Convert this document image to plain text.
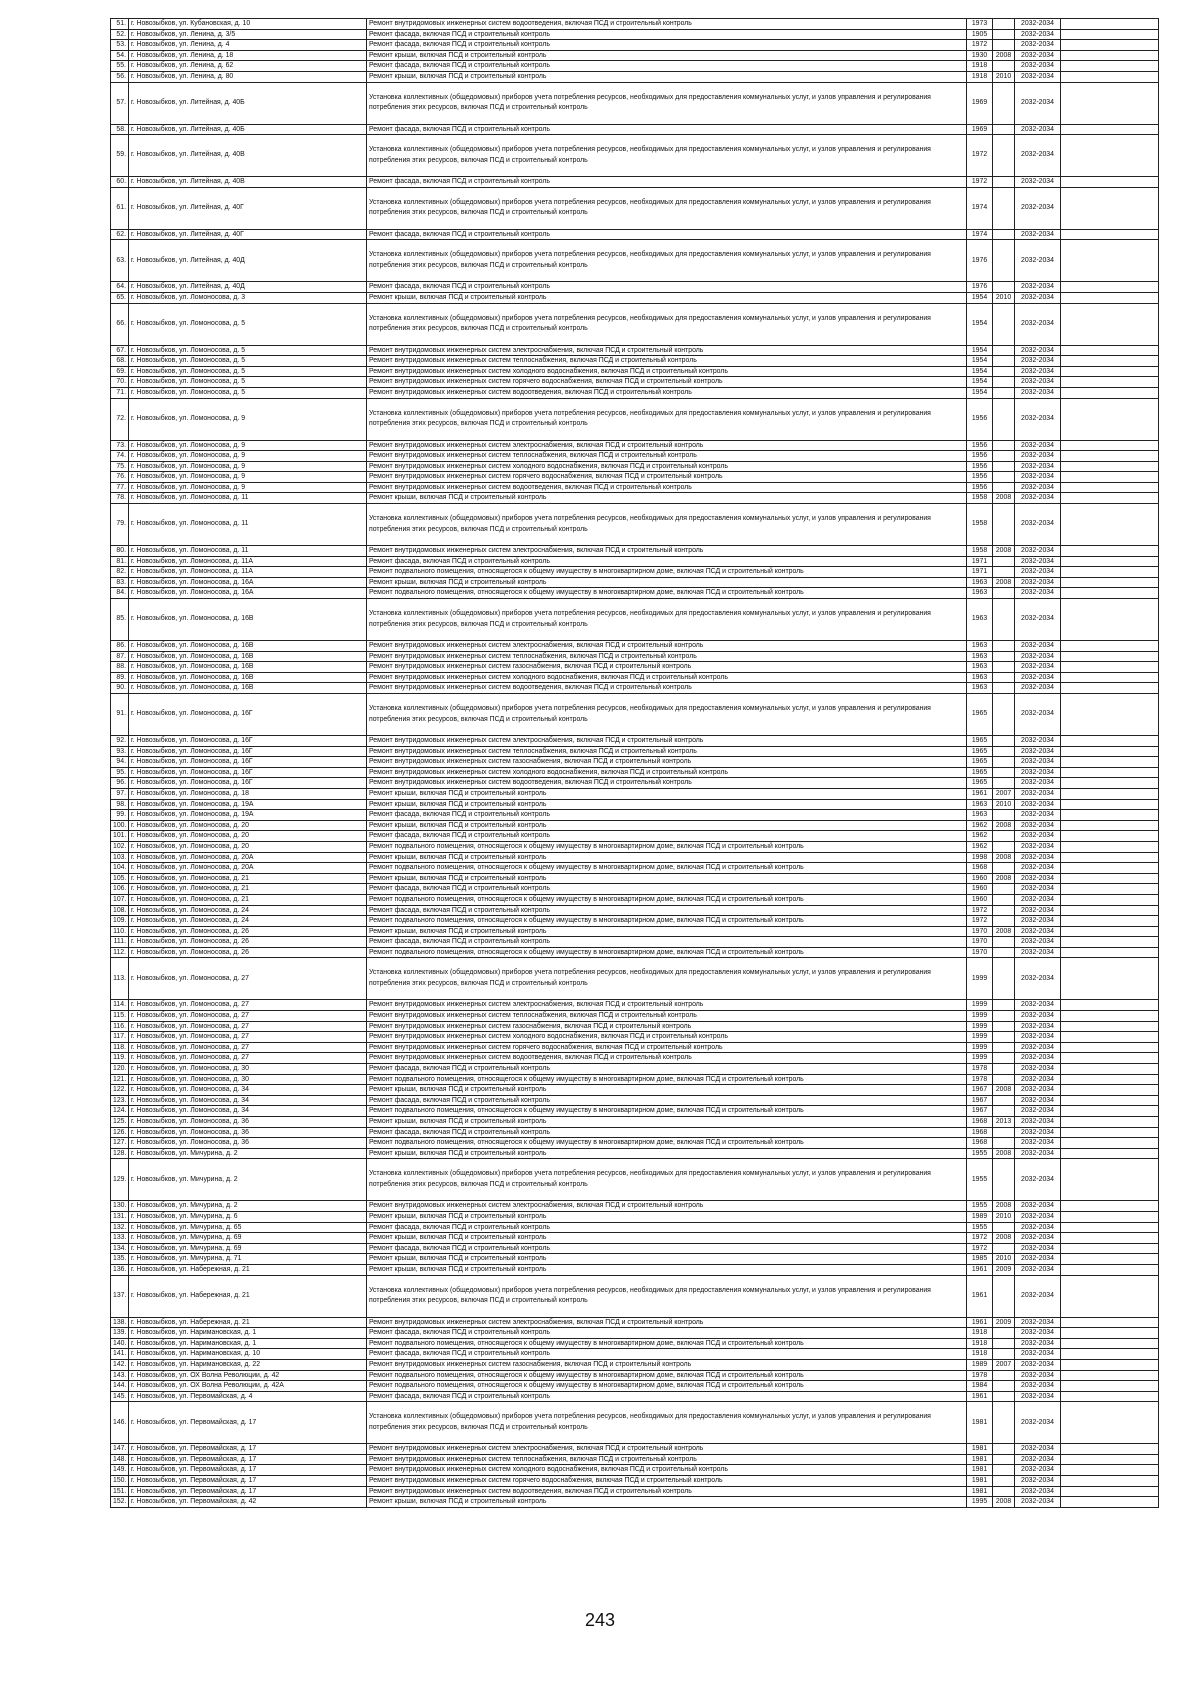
51.	г. Новозыбков, ул. Кубановская, д. 10	Ремонт внутридомовых инженерных систем водоотведения, включая ПСД и строительный контроль	1973		2032-2034	
52.	г. Новозыбков, ул. Ленина, д. 3/5	Ремонт фасада, включая ПСД и строительный контроль	1905		2032-2034	
53.	г. Новозыбков, ул. Ленина, д. 4	Ремонт фасада, включая ПСД и строительный контроль	1972		2032-2034	
54.	г. Новозыбков, ул. Ленина, д. 18	Ремонт крыши, включая ПСД и строительный контроль	1930	2008	2032-2034	
55.	г. Новозыбков, ул. Ленина, д. 62	Ремонт фасада, включая ПСД и строительный контроль	1918		2032-2034	
56.	г. Новозыбков, ул. Ленина, д. 80	Ремонт крыши, включая ПСД и строительный контроль	1918	2010	2032-2034	
57.	г. Новозыбков, ул. Литейная, д. 40Б	Установка коллективных (общедомовых) приборов учета потребления ресурсов, необходимых для предоставления коммунальных услуг, и узлов управления и регулирования потребления этих ресурсов, включая ПСД и строительный контроль	1969		2032-2034	
58.	г. Новозыбков, ул. Литейная, д. 40Б	Ремонт фасада, включая ПСД и строительный контроль	1969		2032-2034	
59.	г. Новозыбков, ул. Литейная, д. 40В	Установка коллективных (общедомовых) приборов учета потребления ресурсов, необходимых для предоставления коммунальных услуг, и узлов управления и регулирования потребления этих ресурсов, включая ПСД и строительный контроль	1972		2032-2034	
60.	г. Новозыбков, ул. Литейная, д. 40В	Ремонт фасада, включая ПСД и строительный контроль	1972		2032-2034	
61.	г. Новозыбков, ул. Литейная, д. 40Г	Установка коллективных (общедомовых) приборов учета потребления ресурсов, необходимых для предоставления коммунальных услуг, и узлов управления и регулирования потребления этих ресурсов, включая ПСД и строительный контроль	1974		2032-2034	
62.	г. Новозыбков, ул. Литейная, д. 40Г	Ремонт фасада, включая ПСД и строительный контроль	1974		2032-2034	
63.	г. Новозыбков, ул. Литейная, д. 40Д	Установка коллективных (общедомовых) приборов учета потребления ресурсов, необходимых для предоставления коммунальных услуг, и узлов управления и регулирования потребления этих ресурсов, включая ПСД и строительный контроль	1976		2032-2034	
64.	г. Новозыбков, ул. Литейная, д. 40Д	Ремонт фасада, включая ПСД и строительный контроль	1976		2032-2034	
65.	г. Новозыбков, ул. Ломоносова, д. 3	Ремонт крыши, включая ПСД и строительный контроль	1954	2010	2032-2034	
66.	г. Новозыбков, ул. Ломоносова, д. 5	Установка коллективных (общедомовых) приборов учета потребления ресурсов, необходимых для предоставления коммунальных услуг, и узлов управления и регулирования потребления этих ресурсов, включая ПСД и строительный контроль	1954		2032-2034	
67.	г. Новозыбков, ул. Ломоносова, д. 5	Ремонт внутридомовых инженерных систем электроснабжения, включая ПСД и строительный контроль	1954		2032-2034	
68.	г. Новозыбков, ул. Ломоносова, д. 5	Ремонт внутридомовых инженерных систем теплоснабжения, включая ПСД и строительный контроль	1954		2032-2034	
69.	г. Новозыбков, ул. Ломоносова, д. 5	Ремонт внутридомовых инженерных систем холодного водоснабжения, включая ПСД и строительный контроль	1954		2032-2034	
70.	г. Новозыбков, ул. Ломоносова, д. 5	Ремонт внутридомовых инженерных систем горячего водоснабжения, включая ПСД и строительный контроль	1954		2032-2034	
71.	г. Новозыбков, ул. Ломоносова, д. 5	Ремонт внутридомовых инженерных систем водоотведения, включая ПСД и строительный контроль	1954		2032-2034	
72.	г. Новозыбков, ул. Ломоносова, д. 9	Установка коллективных (общедомовых) приборов учета потребления ресурсов, необходимых для предоставления коммунальных услуг, и узлов управления и регулирования потребления этих ресурсов, включая ПСД и строительный контроль	1956		2032-2034	
73.	г. Новозыбков, ул. Ломоносова, д. 9	Ремонт внутридомовых инженерных систем электроснабжения, включая ПСД и строительный контроль	1956		2032-2034	
74.	г. Новозыбков, ул. Ломоносова, д. 9	Ремонт внутридомовых инженерных систем теплоснабжения, включая ПСД и строительный контроль	1956		2032-2034	
75.	г. Новозыбков, ул. Ломоносова, д. 9	Ремонт внутридомовых инженерных систем холодного водоснабжения, включая ПСД и строительный контроль	1956		2032-2034	
76.	г. Новозыбков, ул. Ломоносова, д. 9	Ремонт внутридомовых инженерных систем горячего водоснабжения, включая ПСД и строительный контроль	1956		2032-2034	
77.	г. Новозыбков, ул. Ломоносова, д. 9	Ремонт внутридомовых инженерных систем водоотведения, включая ПСД и строительный контроль	1956		2032-2034	
78.	г. Новозыбков, ул. Ломоносова, д. 11	Ремонт крыши, включая ПСД и строительный контроль	1958	2008	2032-2034	
79.	г. Новозыбков, ул. Ломоносова, д. 11	Установка коллективных (общедомовых) приборов учета потребления ресурсов, необходимых для предоставления коммунальных услуг, и узлов управления и регулирования потребления этих ресурсов, включая ПСД и строительный контроль	1958		2032-2034	
80.	г. Новозыбков, ул. Ломоносова, д. 11	Ремонт внутридомовых инженерных систем электроснабжения, включая ПСД и строительный контроль	1958	2008	2032-2034	
81.	г. Новозыбков, ул. Ломоносова, д. 11А	Ремонт фасада, включая ПСД и строительный контроль	1971		2032-2034	
82.	г. Новозыбков, ул. Ломоносова, д. 11А	Ремонт подвального помещения, относящегося к общему имуществу в многоквартирном доме, включая ПСД и строительный контроль	1971		2032-2034	
83.	г. Новозыбков, ул. Ломоносова, д. 16А	Ремонт крыши, включая ПСД и строительный контроль	1963	2008	2032-2034	
84.	г. Новозыбков, ул. Ломоносова, д. 16А	Ремонт подвального помещения, относящегося к общему имуществу в многоквартирном доме, включая ПСД и строительный контроль	1963		2032-2034	
85.	г. Новозыбков, ул. Ломоносова, д. 16В	Установка коллективных (общедомовых) приборов учета потребления ресурсов, необходимых для предоставления коммунальных услуг, и узлов управления и регулирования потребления этих ресурсов, включая ПСД и строительный контроль	1963		2032-2034	
86.	г. Новозыбков, ул. Ломоносова, д. 16В	Ремонт внутридомовых инженерных систем электроснабжения, включая ПСД и строительный контроль	1963		2032-2034	
87.	г. Новозыбков, ул. Ломоносова, д. 16В	Ремонт внутридомовых инженерных систем теплоснабжения, включая ПСД и строительный контроль	1963		2032-2034	
88.	г. Новозыбков, ул. Ломоносова, д. 16В	Ремонт внутридомовых инженерных систем газоснабжения, включая ПСД и строительный контроль	1963		2032-2034	
89.	г. Новозыбков, ул. Ломоносова, д. 16В	Ремонт внутридомовых инженерных систем холодного водоснабжения, включая ПСД и строительный контроль	1963		2032-2034	
90.	г. Новозыбков, ул. Ломоносова, д. 16В	Ремонт внутридомовых инженерных систем водоотведения, включая ПСД и строительный контроль	1963		2032-2034	
91.	г. Новозыбков, ул. Ломоносова, д. 16Г	Установка коллективных (общедомовых) приборов учета потребления ресурсов, необходимых для предоставления коммунальных услуг, и узлов управления и регулирования потребления этих ресурсов, включая ПСД и строительный контроль	1965		2032-2034	
92.	г. Новозыбков, ул. Ломоносова, д. 16Г	Ремонт внутридомовых инженерных систем электроснабжения, включая ПСД и строительный контроль	1965		2032-2034	
93.	г. Новозыбков, ул. Ломоносова, д. 16Г	Ремонт внутридомовых инженерных систем теплоснабжения, включая ПСД и строительный контроль	1965		2032-2034	
94.	г. Новозыбков, ул. Ломоносова, д. 16Г	Ремонт внутридомовых инженерных систем газоснабжения, включая ПСД и строительный контроль	1965		2032-2034	
95.	г. Новозыбков, ул. Ломоносова, д. 16Г	Ремонт внутридомовых инженерных систем холодного водоснабжения, включая ПСД и строительный контроль	1965		2032-2034	
96.	г. Новозыбков, ул. Ломоносова, д. 16Г	Ремонт внутридомовых инженерных систем водоотведения, включая ПСД и строительный контроль	1965		2032-2034	
97.	г. Новозыбков, ул. Ломоносова, д. 18	Ремонт крыши, включая ПСД и строительный контроль	1961	2007	2032-2034	
98.	г. Новозыбков, ул. Ломоносова, д. 19А	Ремонт крыши, включая ПСД и строительный контроль	1963	2010	2032-2034	
99.	г. Новозыбков, ул. Ломоносова, д. 19А	Ремонт фасада, включая ПСД и строительный контроль	1963		2032-2034	
100.	г. Новозыбков, ул. Ломоносова, д. 20	Ремонт крыши, включая ПСД и строительный контроль	1962	2008	2032-2034	
101.	г. Новозыбков, ул. Ломоносова, д. 20	Ремонт фасада, включая ПСД и строительный контроль	1962		2032-2034	
102.	г. Новозыбков, ул. Ломоносова, д. 20	Ремонт подвального помещения, относящегося к общему имуществу в многоквартирном доме, включая ПСД и строительный контроль	1962		2032-2034	
103.	г. Новозыбков, ул. Ломоносова, д. 20А	Ремонт крыши, включая ПСД и строительный контроль	1998	2008	2032-2034	
104.	г. Новозыбков, ул. Ломоносова, д. 20А	Ремонт подвального помещения, относящегося к общему имуществу в многоквартирном доме, включая ПСД и строительный контроль	1968		2032-2034	
105.	г. Новозыбков, ул. Ломоносова, д. 21	Ремонт крыши, включая ПСД и строительный контроль	1960	2008	2032-2034	
106.	г. Новозыбков, ул. Ломоносова, д. 21	Ремонт фасада, включая ПСД и строительный контроль	1960		2032-2034	
107.	г. Новозыбков, ул. Ломоносова, д. 21	Ремонт подвального помещения, относящегося к общему имуществу в многоквартирном доме, включая ПСД и строительный контроль	1960		2032-2034	
108.	г. Новозыбков, ул. Ломоносова, д. 24	Ремонт фасада, включая ПСД и строительный контроль	1972		2032-2034	
109.	г. Новозыбков, ул. Ломоносова, д. 24	Ремонт подвального помещения, относящегося к общему имуществу в многоквартирном доме, включая ПСД и строительный контроль	1972		2032-2034	
110.	г. Новозыбков, ул. Ломоносова, д. 26	Ремонт крыши, включая ПСД и строительный контроль	1970	2008	2032-2034	
111.	г. Новозыбков, ул. Ломоносова, д. 26	Ремонт фасада, включая ПСД и строительный контроль	1970		2032-2034	
112.	г. Новозыбков, ул. Ломоносова, д. 26	Ремонт подвального помещения, относящегося к общему имуществу в многоквартирном доме, включая ПСД и строительный контроль	1970		2032-2034	
113.	г. Новозыбков, ул. Ломоносова, д. 27	Установка коллективных (общедомовых) приборов учета потребления ресурсов, необходимых для предоставления коммунальных услуг, и узлов управления и регулирования потребления этих ресурсов, включая ПСД и строительный контроль	1999		2032-2034	
114.	г. Новозыбков, ул. Ломоносова, д. 27	Ремонт внутридомовых инженерных систем электроснабжения, включая ПСД и строительный контроль	1999		2032-2034	
115.	г. Новозыбков, ул. Ломоносова, д. 27	Ремонт внутридомовых инженерных систем теплоснабжения, включая ПСД и строительный контроль	1999		2032-2034	
116.	г. Новозыбков, ул. Ломоносова, д. 27	Ремонт внутридомовых инженерных систем газоснабжения, включая ПСД и строительный контроль	1999		2032-2034	
117.	г. Новозыбков, ул. Ломоносова, д. 27	Ремонт внутридомовых инженерных систем холодного водоснабжения, включая ПСД и строительный контроль	1999		2032-2034	
118.	г. Новозыбков, ул. Ломоносова, д. 27	Ремонт внутридомовых инженерных систем горячего водоснабжения, включая ПСД и строительный контроль	1999		2032-2034	
119.	г. Новозыбков, ул. Ломоносова, д. 27	Ремонт внутридомовых инженерных систем водоотведения, включая ПСД и строительный контроль	1999		2032-2034	
120.	г. Новозыбков, ул. Ломоносова, д. 30	Ремонт фасада, включая ПСД и строительный контроль	1978		2032-2034	
121.	г. Новозыбков, ул. Ломоносова, д. 30	Ремонт подвального помещения, относящегося к общему имуществу в многоквартирном доме, включая ПСД и строительный контроль	1978		2032-2034	
122.	г. Новозыбков, ул. Ломоносова, д. 34	Ремонт крыши, включая ПСД и строительный контроль	1967	2008	2032-2034	
123.	г. Новозыбков, ул. Ломоносова, д. 34	Ремонт фасада, включая ПСД и строительный контроль	1967		2032-2034	
124.	г. Новозыбков, ул. Ломоносова, д. 34	Ремонт подвального помещения, относящегося к общему имуществу в многоквартирном доме, включая ПСД и строительный контроль	1967		2032-2034	
125.	г. Новозыбков, ул. Ломоносова, д. 36	Ремонт крыши, включая ПСД и строительный контроль	1968	2013	2032-2034	
126.	г. Новозыбков, ул. Ломоносова, д. 36	Ремонт фасада, включая ПСД и строительный контроль	1968		2032-2034	
127.	г. Новозыбков, ул. Ломоносова, д. 36	Ремонт подвального помещения, относящегося к общему имуществу в многоквартирном доме, включая ПСД и строительный контроль	1968		2032-2034	
128.	г. Новозыбков, ул. Мичурина, д. 2	Ремонт крыши, включая ПСД и строительный контроль	1955	2008	2032-2034	
129.	г. Новозыбков, ул. Мичурина, д. 2	Установка коллективных (общедомовых) приборов учета потребления ресурсов, необходимых для предоставления коммунальных услуг, и узлов управления и регулирования потребления этих ресурсов, включая ПСД и строительный контроль	1955		2032-2034	
130.	г. Новозыбков, ул. Мичурина, д. 2	Ремонт внутридомовых инженерных систем электроснабжения, включая ПСД и строительный контроль	1955	2008	2032-2034	
131.	г. Новозыбков, ул. Мичурина, д. 6	Ремонт крыши, включая ПСД и строительный контроль	1989	2010	2032-2034	
132.	г. Новозыбков, ул. Мичурина, д. 65	Ремонт фасада, включая ПСД и строительный контроль	1955		2032-2034	
133.	г. Новозыбков, ул. Мичурина, д. 69	Ремонт крыши, включая ПСД и строительный контроль	1972	2008	2032-2034	
134.	г. Новозыбков, ул. Мичурина, д. 69	Ремонт фасада, включая ПСД и строительный контроль	1972		2032-2034	
135.	г. Новозыбков, ул. Мичурина, д. 71	Ремонт крыши, включая ПСД и строительный контроль	1985	2010	2032-2034	
136.	г. Новозыбков, ул. Набережная, д. 21	Ремонт крыши, включая ПСД и строительный контроль	1961	2009	2032-2034	
137.	г. Новозыбков, ул. Набережная, д. 21	Установка коллективных (общедомовых) приборов учета потребления ресурсов, необходимых для предоставления коммунальных услуг, и узлов управления и регулирования потребления этих ресурсов, включая ПСД и строительный контроль	1961		2032-2034	
138.	г. Новозыбков, ул. Набережная, д. 21	Ремонт внутридомовых инженерных систем электроснабжения, включая ПСД и строительный контроль	1961	2009	2032-2034	
139.	г. Новозыбков, ул. Наримановская, д. 1	Ремонт фасада, включая ПСД и строительный контроль	1918		2032-2034	
140.	г. Новозыбков, ул. Наримановская, д. 1	Ремонт подвального помещения, относящегося к общему имуществу в многоквартирном доме, включая ПСД и строительный контроль	1918		2032-2034	
141.	г. Новозыбков, ул. Наримановская, д. 10	Ремонт фасада, включая ПСД и строительный контроль	1918		2032-2034	
142.	г. Новозыбков, ул. Наримановская, д. 22	Ремонт внутридомовых инженерных систем газоснабжения, включая ПСД и строительный контроль	1989	2007	2032-2034	
143.	г. Новозыбков, ул. ОХ Волна Революции, д. 42	Ремонт подвального помещения, относящегося к общему имуществу в многоквартирном доме, включая ПСД и строительный контроль	1978		2032-2034	
144.	г. Новозыбков, ул. ОХ Волна Революции, д. 42А	Ремонт подвального помещения, относящегося к общему имуществу в многоквартирном доме, включая ПСД и строительный контроль	1984		2032-2034	
145.	г. Новозыбков, ул. Первомайская, д. 4	Ремонт фасада, включая ПСД и строительный контроль	1961		2032-2034	
146.	г. Новозыбков, ул. Первомайская, д. 17	Установка коллективных (общедомовых) приборов учета потребления ресурсов, необходимых для предоставления коммунальных услуг, и узлов управления и регулирования потребления этих ресурсов, включая ПСД и строительный контроль	1981		2032-2034	
147.	г. Новозыбков, ул. Первомайская, д. 17	Ремонт внутридомовых инженерных систем электроснабжения, включая ПСД и строительный контроль	1981		2032-2034	
148.	г. Новозыбков, ул. Первомайская, д. 17	Ремонт внутридомовых инженерных систем теплоснабжения, включая ПСД и строительный контроль	1981		2032-2034	
149.	г. Новозыбков, ул. Первомайская, д. 17	Ремонт внутридомовых инженерных систем холодного водоснабжения, включая ПСД и строительный контроль	1981		2032-2034	
150.	г. Новозыбков, ул. Первомайская, д. 17	Ремонт внутридомовых инженерных систем горячего водоснабжения, включая ПСД и строительный контроль	1981		2032-2034	
151.	г. Новозыбков, ул. Первомайская, д. 17	Ремонт внутридомовых инженерных систем водоотведения, включая ПСД и строительный контроль	1981		2032-2034	
152.	г. Новозыбков, ул. Первомайская, д. 42	Ремонт крыши, включая ПСД и строительный контроль	1995	2008	2032-2034	
243
